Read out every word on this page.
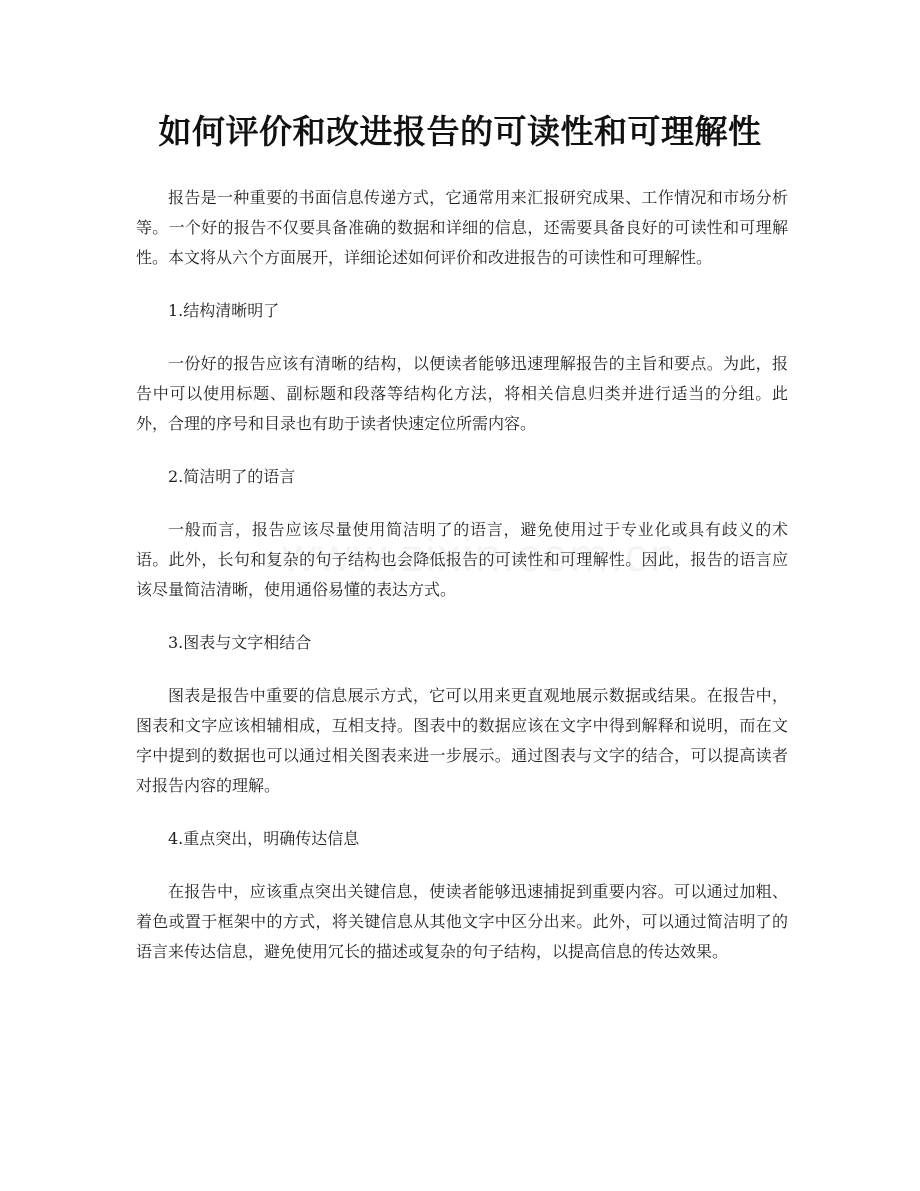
如何评价和改进报告的可读性和可理解性

报告是一种重要的书面信息传递方式，它通常用来汇报研究成果、工作情况和市场分析等。一个好的报告不仅要具备准确的数据和详细的信息，还需要具备良好的可读性和可理解性。本文将从六个方面展开，详细论述如何评价和改进报告的可读性和可理解性。

1.结构清晰明了

一份好的报告应该有清晰的结构，以便读者能够迅速理解报告的主旨和要点。为此，报告中可以使用标题、副标题和段落等结构化方法，将相关信息归类并进行适当的分组。此外，合理的序号和目录也有助于读者快速定位所需内容。

2.简洁明了的语言

一般而言，报告应该尽量使用简洁明了的语言，避免使用过于专业化或具有歧义的术语。此外，长句和复杂的句子结构也会降低报告的可读性和可理解性。因此，报告的语言应该尽量简洁清晰，使用通俗易懂的表达方式。

3.图表与文字相结合

图表是报告中重要的信息展示方式，它可以用来更直观地展示数据或结果。在报告中，图表和文字应该相辅相成，互相支持。图表中的数据应该在文字中得到解释和说明，而在文字中提到的数据也可以通过相关图表来进一步展示。通过图表与文字的结合，可以提高读者对报告内容的理解。

4.重点突出，明确传达信息

在报告中，应该重点突出关键信息，使读者能够迅速捕捉到重要内容。可以通过加粗、着色或置于框架中的方式，将关键信息从其他文字中区分出来。此外，可以通过简洁明了的语言来传达信息，避免使用冗长的描述或复杂的句子结构，以提高信息的传达效果。
